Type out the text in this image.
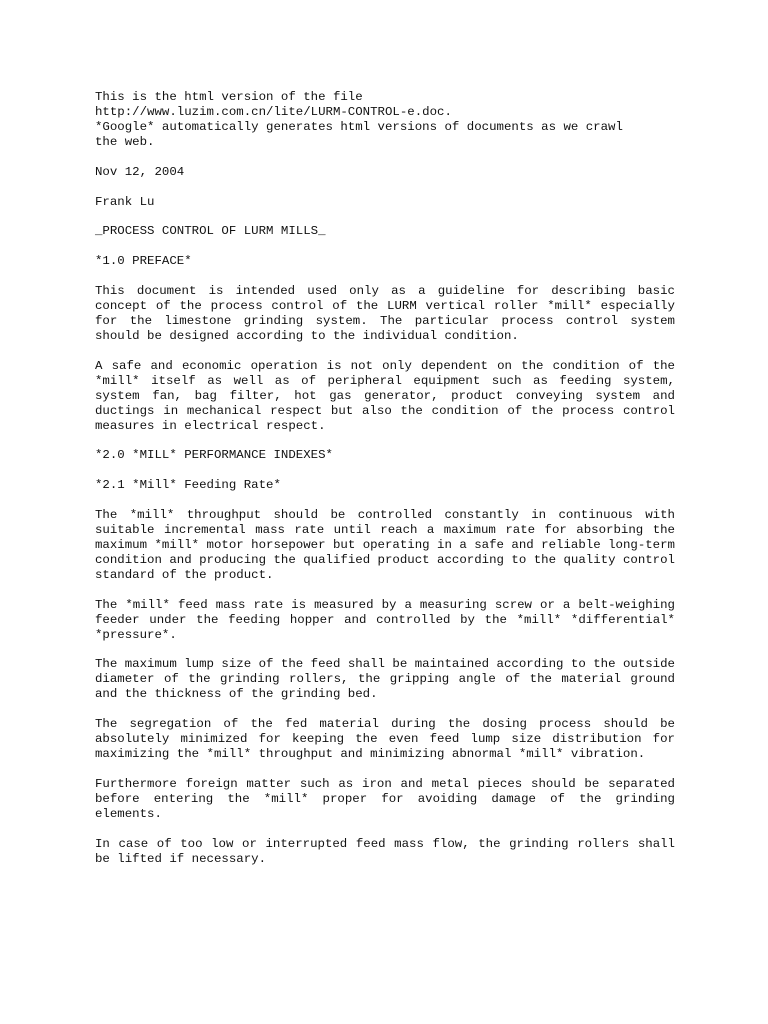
This is the html version of the file
http://www.luzim.com.cn/lite/LURM-CONTROL-e.doc.
*Google* automatically generates html versions of documents as we crawl
the web.
Nov 12, 2004
Frank Lu
_PROCESS CONTROL OF LURM MILLS_
*1.0 PREFACE*

This document is intended used only as a guideline for describing basic concept of the process control of the LURM vertical roller *mill* especially for the limestone grinding system. The particular process control system should be designed according to the individual condition.

A safe and economic operation is not only dependent on the condition of the *mill* itself as well as of peripheral equipment such as feeding system, system fan, bag filter, hot gas generator, product conveying system and ductings in mechanical respect but also the condition of the process control measures in electrical respect.

*2.0 *MILL* PERFORMANCE INDEXES*
*2.1 *Mill* Feeding Rate*

The *mill* throughput should be controlled constantly in continuous with suitable incremental mass rate until reach a maximum rate for absorbing the maximum *mill* motor horsepower but operating in a safe and reliable long-term condition and producing the qualified product according to the quality control standard of the product.

The *mill* feed mass rate is measured by a measuring screw or a belt-weighing feeder under the feeding hopper and controlled by the *mill* *differential* *pressure*.

The maximum lump size of the feed shall be maintained according to the outside diameter of the grinding rollers, the gripping angle of the material ground and the thickness of the grinding bed.

The segregation of the fed material during the dosing process should be absolutely minimized for keeping the even feed lump size distribution for maximizing the *mill* throughput and minimizing abnormal *mill* vibration.

Furthermore foreign matter such as iron and metal pieces should be separated before entering the *mill* proper for avoiding damage of the grinding elements.

In case of too low or interrupted feed mass flow, the grinding rollers shall be lifted if necessary.
